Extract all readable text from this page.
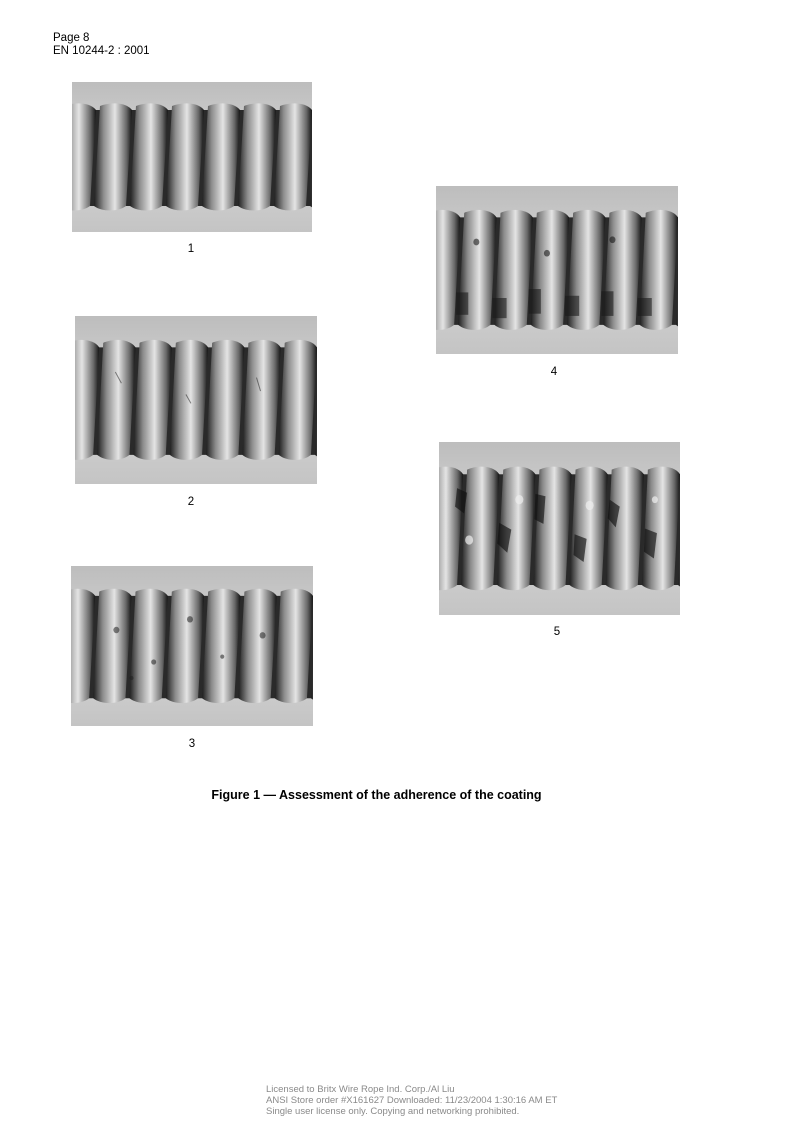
Page 8
EN 10244-2 : 2001
1
2
3
4
5
Figure 1 — Assessment of the adherence of the coating
Licensed to Britx Wire Rope Ind. Corp./Al Liu
ANSI Store order #X161627 Downloaded: 11/23/2004 1:30:16 AM ET
Single user license only. Copying and networking prohibited.
